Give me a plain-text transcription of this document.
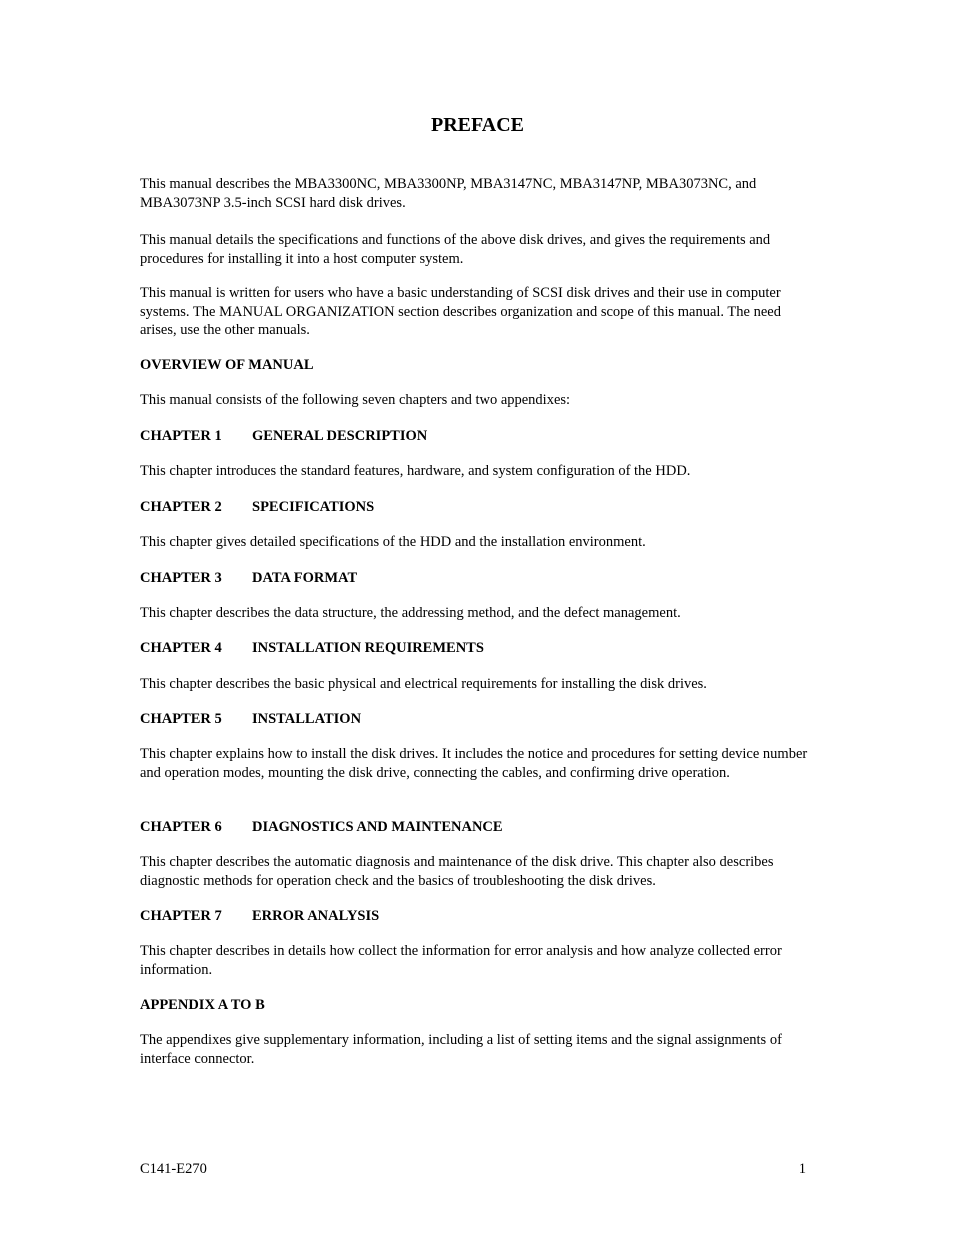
PREFACE

This manual describes the MBA3300NC, MBA3300NP, MBA3147NC, MBA3147NP, MBA3073NC, and MBA3073NP 3.5-inch SCSI hard disk drives.

This manual details the specifications and functions of the above disk drives, and gives the requirements and procedures for installing it into a host computer system.

This manual is written for users who have a basic understanding of SCSI disk drives and their use in computer systems. The MANUAL ORGANIZATION section describes organization and scope of this manual. The need arises, use the other manuals.

OVERVIEW OF MANUAL

This manual consists of the following seven chapters and two appendixes:

CHAPTER 1 GENERAL DESCRIPTION

This chapter introduces the standard features, hardware, and system configuration of the HDD.

CHAPTER 2 SPECIFICATIONS

This chapter gives detailed specifications of the HDD and the installation environment.

CHAPTER 3 DATA FORMAT

This chapter describes the data structure, the addressing method, and the defect management.

CHAPTER 4 INSTALLATION REQUIREMENTS

This chapter describes the basic physical and electrical requirements for installing the disk drives.

CHAPTER 5 INSTALLATION

This chapter explains how to install the disk drives. It includes the notice and procedures for setting device number and operation modes, mounting the disk drive, connecting the cables, and confirming drive operation.

CHAPTER 6 DIAGNOSTICS AND MAINTENANCE

This chapter describes the automatic diagnosis and maintenance of the disk drive. This chapter also describes diagnostic methods for operation check and the basics of troubleshooting the disk drives.

CHAPTER 7 ERROR ANALYSIS

This chapter describes in details how collect the information for error analysis and how analyze collected error information.

APPENDIX A TO B

The appendixes give supplementary information, including a list of setting items and the signal assignments of interface connector.

C141-E270	1
